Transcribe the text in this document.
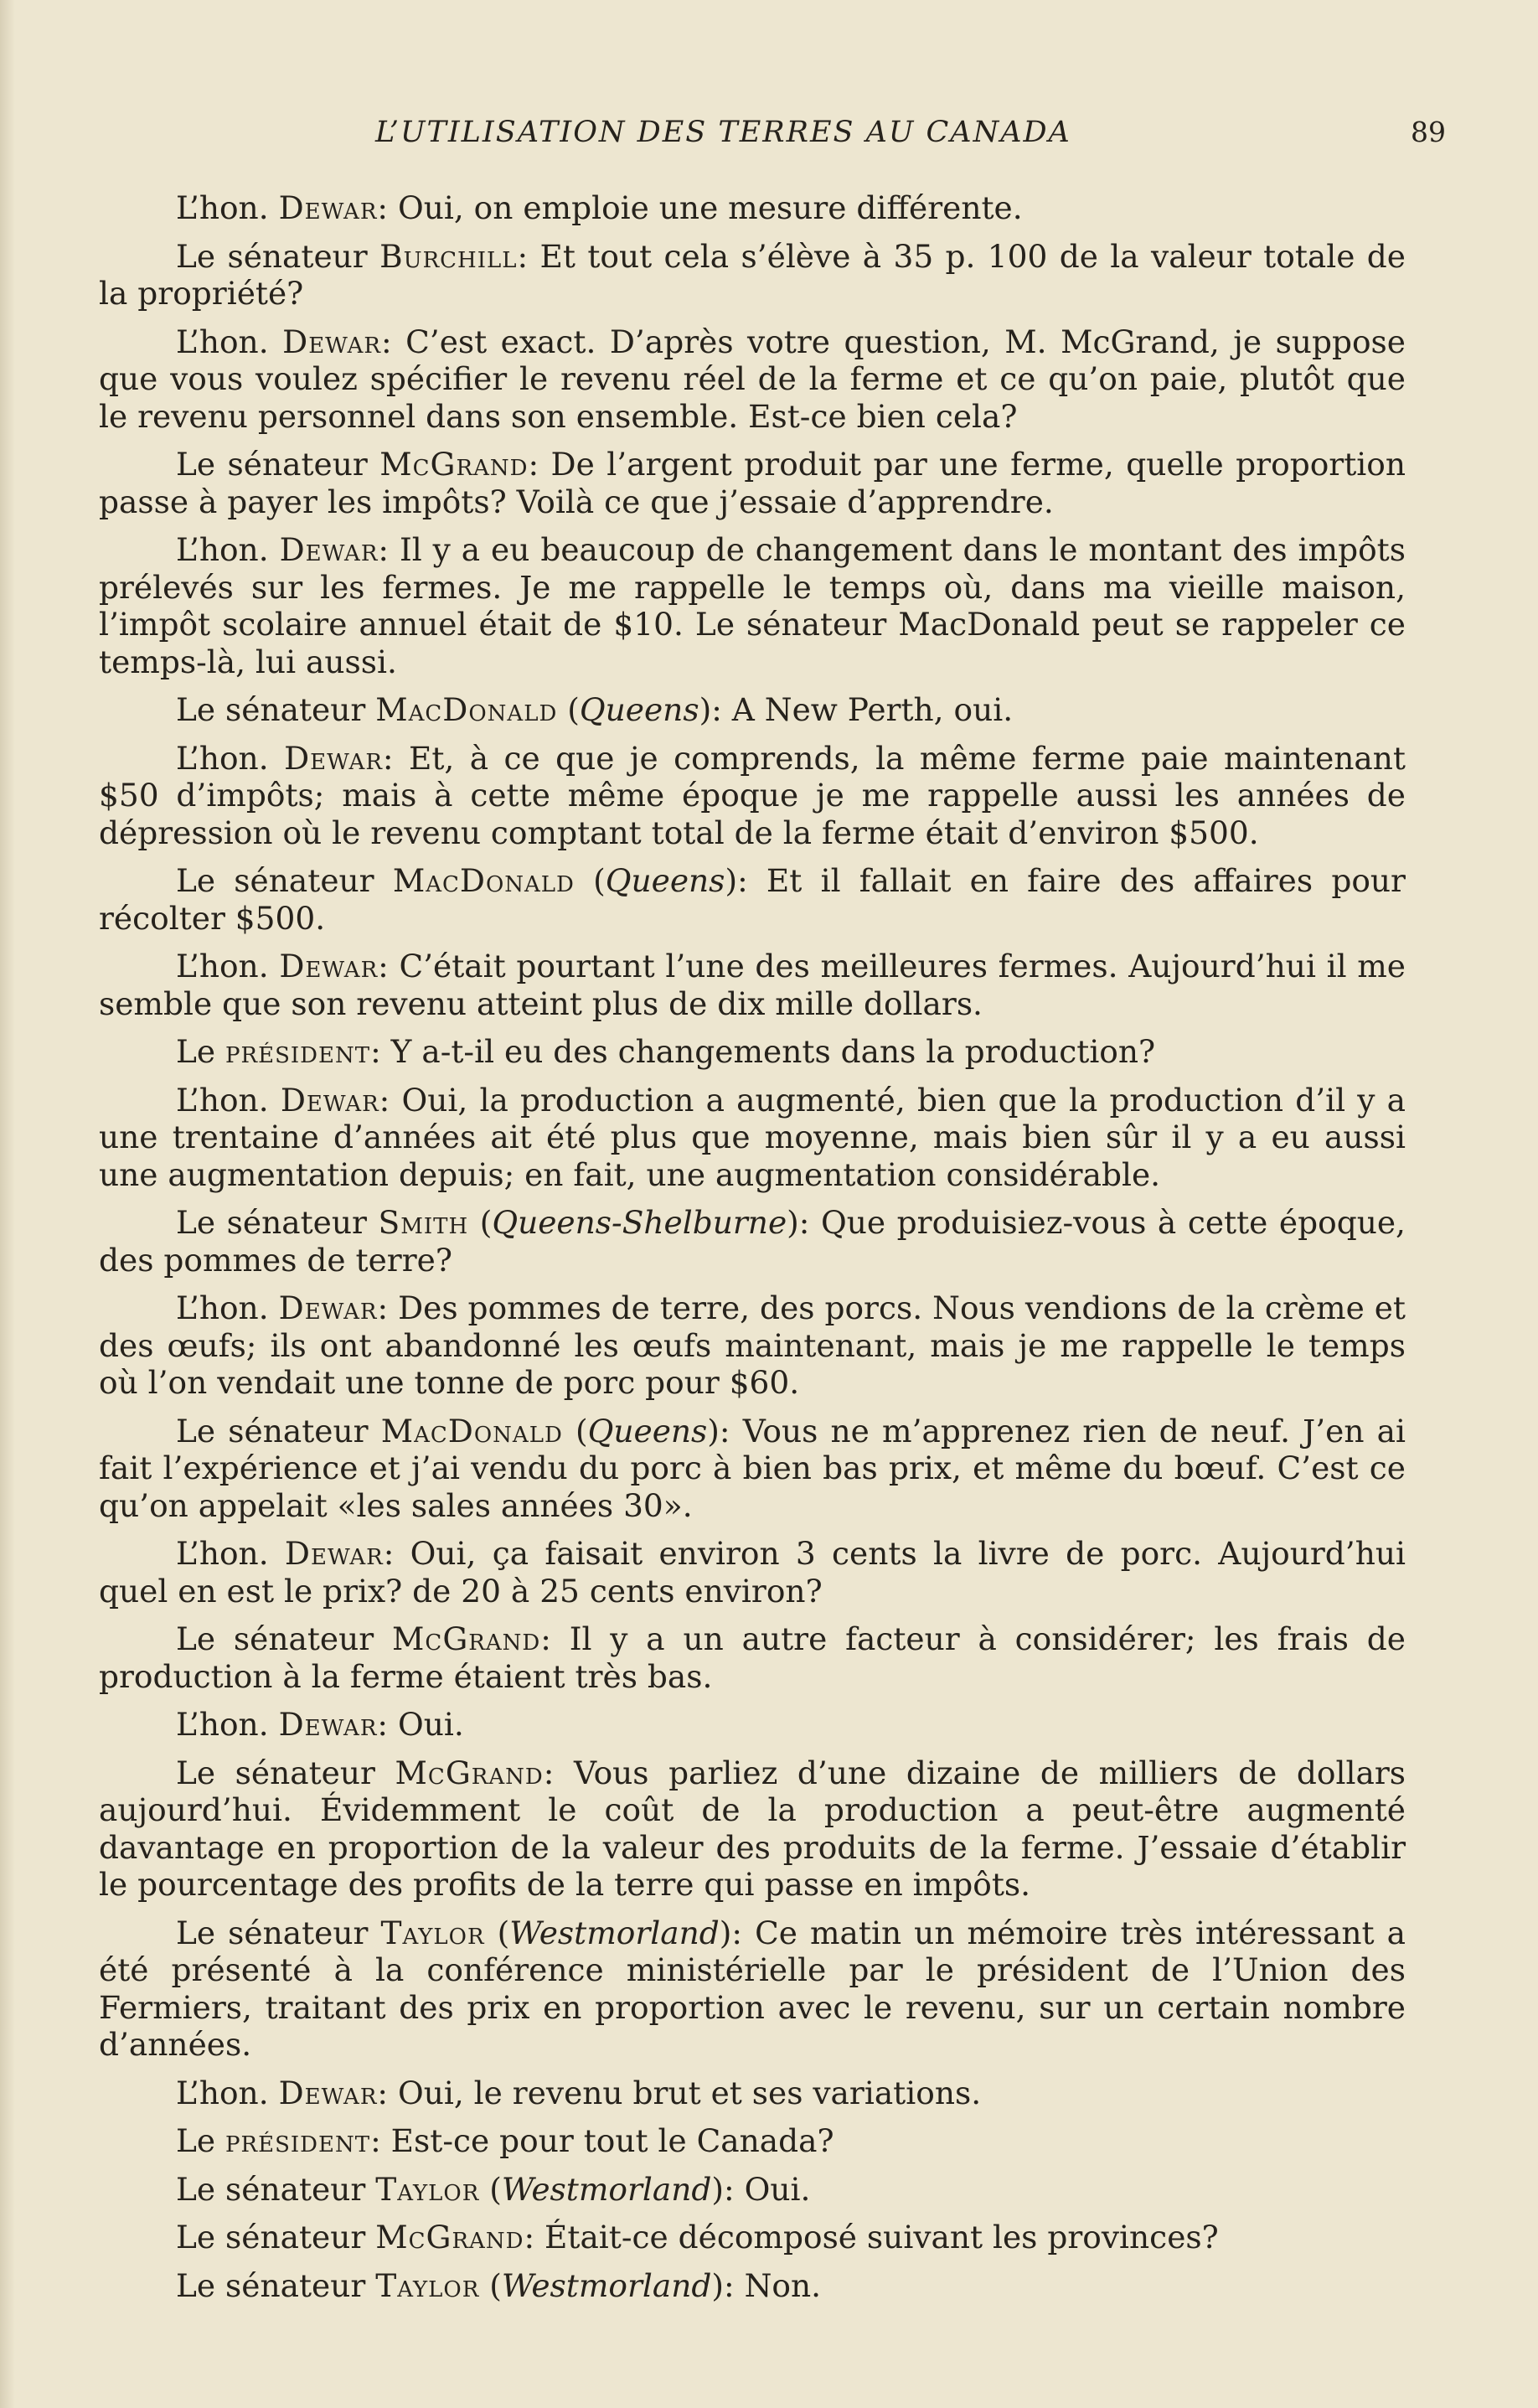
L’UTILISATION DES TERRES AU CANADA	89

L’hon. Dewar: Oui, on emploie une mesure différente.

Le sénateur Burchill: Et tout cela s’élève à 35 p. 100 de la valeur totale de la propriété?

L’hon. Dewar: C’est exact. D’après votre question, M. McGrand, je suppose que vous voulez spécifier le revenu réel de la ferme et ce qu’on paie, plutôt que le revenu personnel dans son ensemble. Est-ce bien cela?

Le sénateur McGrand: De l’argent produit par une ferme, quelle proportion passe à payer les impôts? Voilà ce que j’essaie d’apprendre.

L’hon. Dewar: Il y a eu beaucoup de changement dans le montant des impôts prélevés sur les fermes. Je me rappelle le temps où, dans ma vieille maison, l’impôt scolaire annuel était de $10. Le sénateur MacDonald peut se rappeler ce temps-là, lui aussi.

Le sénateur MacDonald (Queens): A New Perth, oui.

L’hon. Dewar: Et, à ce que je comprends, la même ferme paie maintenant $50 d’impôts; mais à cette même époque je me rappelle aussi les années de dépression où le revenu comptant total de la ferme était d’environ $500.

Le sénateur MacDonald (Queens): Et il fallait en faire des affaires pour récolter $500.

L’hon. Dewar: C’était pourtant l’une des meilleures fermes. Aujourd’hui il me semble que son revenu atteint plus de dix mille dollars.

Le président: Y a-t-il eu des changements dans la production?

L’hon. Dewar: Oui, la production a augmenté, bien que la production d’il y a une trentaine d’années ait été plus que moyenne, mais bien sûr il y a eu aussi une augmentation depuis; en fait, une augmentation considérable.

Le sénateur Smith (Queens-Shelburne): Que produisiez-vous à cette époque, des pommes de terre?

L’hon. Dewar: Des pommes de terre, des porcs. Nous vendions de la crème et des œufs; ils ont abandonné les œufs maintenant, mais je me rappelle le temps où l’on vendait une tonne de porc pour $60.

Le sénateur MacDonald (Queens): Vous ne m’apprenez rien de neuf. J’en ai fait l’expérience et j’ai vendu du porc à bien bas prix, et même du bœuf. C’est ce qu’on appelait «les sales années 30».

L’hon. Dewar: Oui, ça faisait environ 3 cents la livre de porc. Aujourd’hui quel en est le prix? de 20 à 25 cents environ?

Le sénateur McGrand: Il y a un autre facteur à considérer; les frais de production à la ferme étaient très bas.

L’hon. Dewar: Oui.

Le sénateur McGrand: Vous parliez d’une dizaine de milliers de dollars aujourd’hui. Évidemment le coût de la production a peut-être augmenté davantage en proportion de la valeur des produits de la ferme. J’essaie d’établir le pourcentage des profits de la terre qui passe en impôts.

Le sénateur Taylor (Westmorland): Ce matin un mémoire très intéressant a été présenté à la conférence ministérielle par le président de l’Union des Fermiers, traitant des prix en proportion avec le revenu, sur un certain nombre d’années.

L’hon. Dewar: Oui, le revenu brut et ses variations.

Le président: Est-ce pour tout le Canada?

Le sénateur Taylor (Westmorland): Oui.

Le sénateur McGrand: Était-ce décomposé suivant les provinces?

Le sénateur Taylor (Westmorland): Non.
